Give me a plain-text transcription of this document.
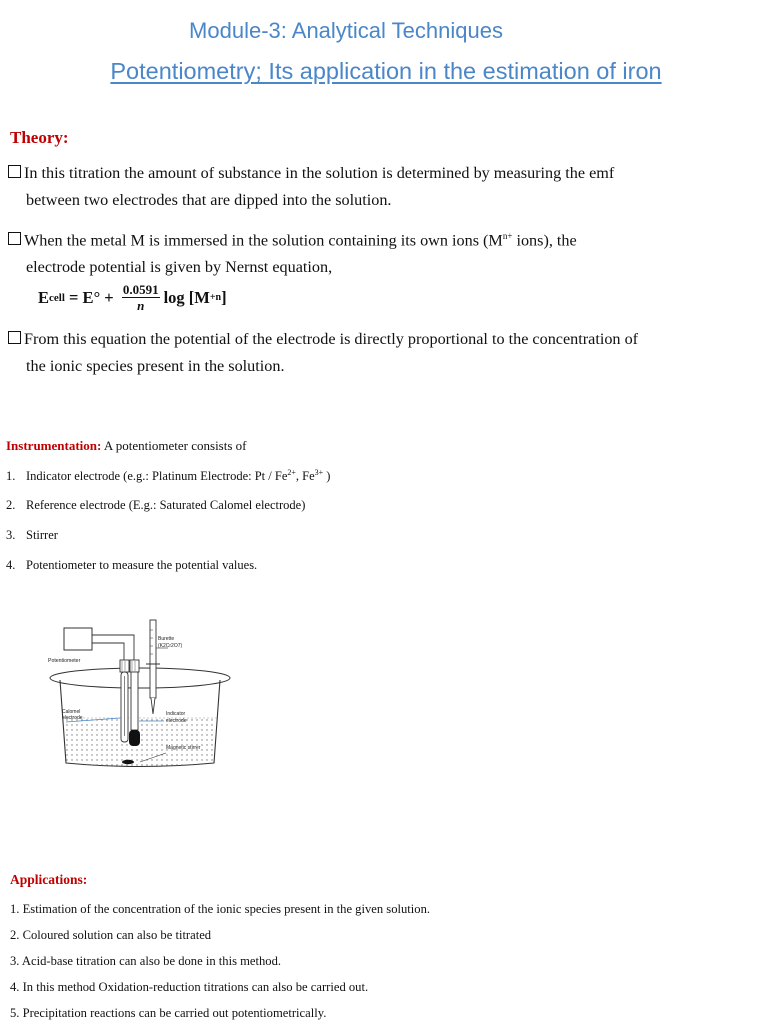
Module-3: Analytical Techniques
Potentiometry; Its application in the estimation of iron
Theory:
In this titration the amount of substance in the solution is determined by measuring the emf
between two electrodes that are dipped into the solution.
When the metal M is immersed in the solution containing its own ions ($M^{n+}$ ions), the
electrode potential is given by Nernst equation,
E cell = $E^\circ + \frac{0.0591}{n}$ log [M +n ]
From this equation the potential of the electrode is directly proportional to the concentration of
the ionic species present in the solution.
Instrumentation: A potentiometer consists of
1. Indicator electrode (e.g.: Platinum Electrode: Pt / $Fe^{2+}$, $Fe^{3+}$ )
2. Reference electrode (E.g.: Saturated Calomel electrode)
3. Stirrer
4. Potentiometer to measure the potential values.
Potentiometer
Burette
(K2Cr2O7)
Calomel
electrode
Indicator
electrode
Magnetic stirrer
Applications:
1. Estimation of the concentration of the ionic species present in the given solution.
2. Coloured solution can also be titrated
3. Acid-base titration can also be done in this method.
4. In this method Oxidation-reduction titrations can also be carried out.
5. Precipitation reactions can be carried out potentiometrically.
